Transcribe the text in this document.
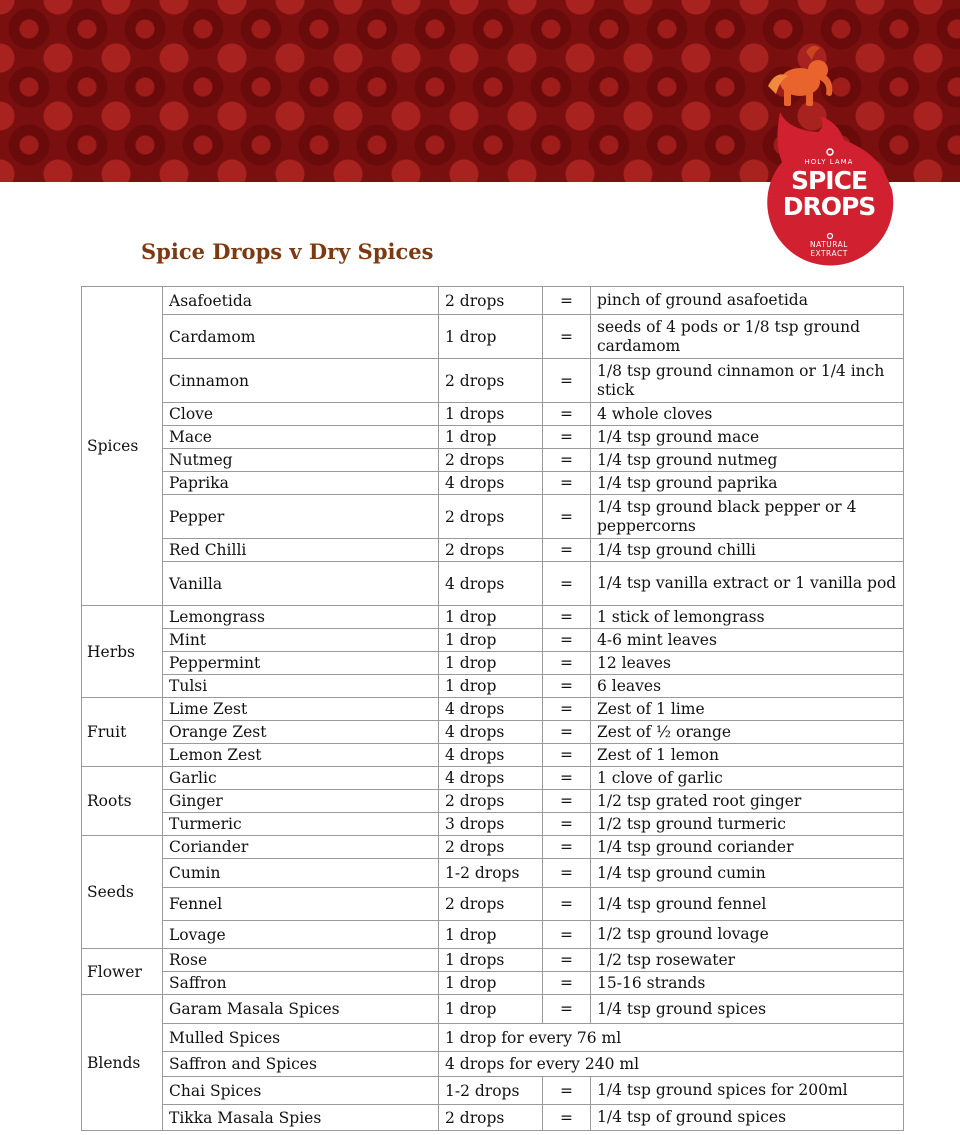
HOLY LAMA
SPICE
DROPS
NATURAL
EXTRACT
Spice Drops v Dry Spices
Spices	Asafoetida	2 drops	=	pinch of ground asafoetida
	Cardamom	1 drop	=	seeds of 4 pods or 1/8 tsp ground cardamom
	Cinnamon	2 drops	=	1/8 tsp ground cinnamon or 1/4 inch stick
	Clove	1 drops	=	4 whole cloves
	Mace	1 drop	=	1/4 tsp ground mace
	Nutmeg	2 drops	=	1/4 tsp ground nutmeg
	Paprika	4 drops	=	1/4 tsp ground paprika
	Pepper	2 drops	=	1/4 tsp ground black pepper or 4 peppercorns
	Red Chilli	2 drops	=	1/4 tsp ground chilli
	Vanilla	4 drops	=	1/4 tsp vanilla extract or 1 vanilla pod
Herbs	Lemongrass	1 drop	=	1 stick of lemongrass
	Mint	1 drop	=	4-6 mint leaves
	Peppermint	1 drop	=	12 leaves
	Tulsi	1 drop	=	6 leaves
Fruit	Lime Zest	4 drops	=	Zest of 1 lime
	Orange Zest	4 drops	=	Zest of ½ orange
	Lemon Zest	4 drops	=	Zest of 1 lemon
Roots	Garlic	4 drops	=	1 clove of garlic
	Ginger	2 drops	=	1/2 tsp grated root ginger
	Turmeric	3 drops	=	1/2 tsp ground turmeric
Seeds	Coriander	2 drops	=	1/4 tsp ground coriander
	Cumin	1-2 drops	=	1/4 tsp ground cumin
	Fennel	2 drops	=	1/4 tsp ground fennel
	Lovage	1 drop	=	1/2 tsp ground lovage
Flower	Rose	1 drops	=	1/2 tsp rosewater
	Saffron	1 drop	=	15-16 strands
Blends	Garam Masala Spices	1 drop	=	1/4 tsp ground spices
	Mulled Spices	1 drop for every 76 ml		
	Saffron and Spices	4 drops for every 240 ml		
	Chai Spices	1-2 drops	=	1/4 tsp ground spices for 200ml
	Tikka Masala Spies	2 drops	=	1/4 tsp of ground spices
